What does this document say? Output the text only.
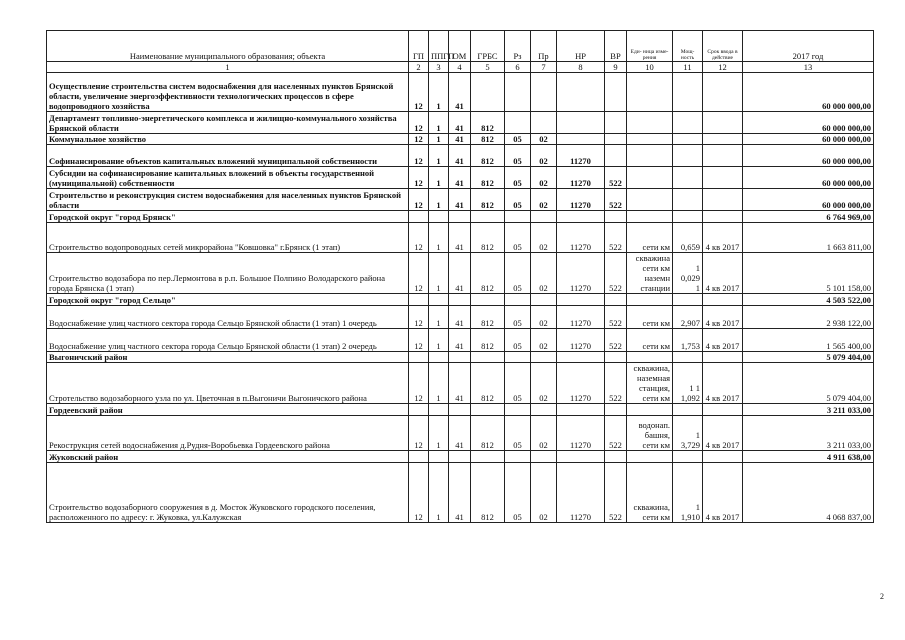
Наименование муниципального образования; объекта	ГП	ППГП	ОМ	ГРБС	Рз	Пр	НР	ВР	Еди- ница изме- рения	Мощ- ность	Срок ввода в действие	2017 год
1	2	3	4	5	6	7	8	9	10	11	12	13
Осуществление строительства систем водоснабжения для населенных пунктов Брянской области, увеличение энергоэффективности технологических процессов в сфере водопроводного хозяйства	12	1	41									60 000 000,00
Департамент топливно-энергетического комплекса и жилищно-коммунального хозяйства Брянской области	12	1	41	812								60 000 000,00
Коммунальное хозяйство	12	1	41	812	05	02						60 000 000,00
Софинансирование объектов капитальных вложений муниципальной собственности	12	1	41	812	05	02	11270					60 000 000,00
Субсидии на софинансирование капитальных вложений в объекты государственной (муниципальной) собственности	12	1	41	812	05	02	11270	522				60 000 000,00
Строительство и реконструкция систем водоснабжения для населенных пунктов Брянской области	12	1	41	812	05	02	11270	522				60 000 000,00
Городской округ "город Брянск"												6 764 969,00
Строительство водопроводных сетей микрорайона "Ковшовка" г.Брянск (1 этап)	12	1	41	812	05	02	11270	522	сети км	0,659	4 кв 2017	1 663 811,00
Строительство водозабора по пер.Лермонтова в р.п. Большое Полпино Володарского района города Брянска (1 этап)	12	1	41	812	05	02	11270	522	скважина сети км наземн станции	1 0,029 1	4 кв 2017	5 101 158,00
Городской округ "город Сельцо"												4 503 522,00
Водоснабжение улиц частного сектора города Сельцо Брянской области (1 этап) 1 очередь	12	1	41	812	05	02	11270	522	сети км	2,907	4 кв 2017	2 938 122,00
Водоснабжение улиц частного сектора города Сельцо Брянской области (1 этап) 2 очередь	12	1	41	812	05	02	11270	522	сети км	1,753	4 кв 2017	1 565 400,00
Выгоничский район												5 079 404,00
Стротельство водозаборного узла по ул. Цветочная в п.Выгоничи Выгоничского района	12	1	41	812	05	02	11270	522	скважина, наземная станция, сети км	1 1 1,092	4 кв 2017	5 079 404,00
Гордеевский район												3 211 033,00
Рекострукция сетей водоснабжения д.Рудня-Воробьевка Гордеевского района	12	1	41	812	05	02	11270	522	водонап. башня, сети км	1 3,729	4 кв 2017	3 211 033,00
Жуковский район												4 911 638,00
Строительство водозаборного сооружения в д. Мосток Жуковского городского поселения, расположенного по адресу: г. Жуковка, ул.Калужская	12	1	41	812	05	02	11270	522	скважина, сети км	1 1,910	4 кв 2017	4 068 837,00
2
